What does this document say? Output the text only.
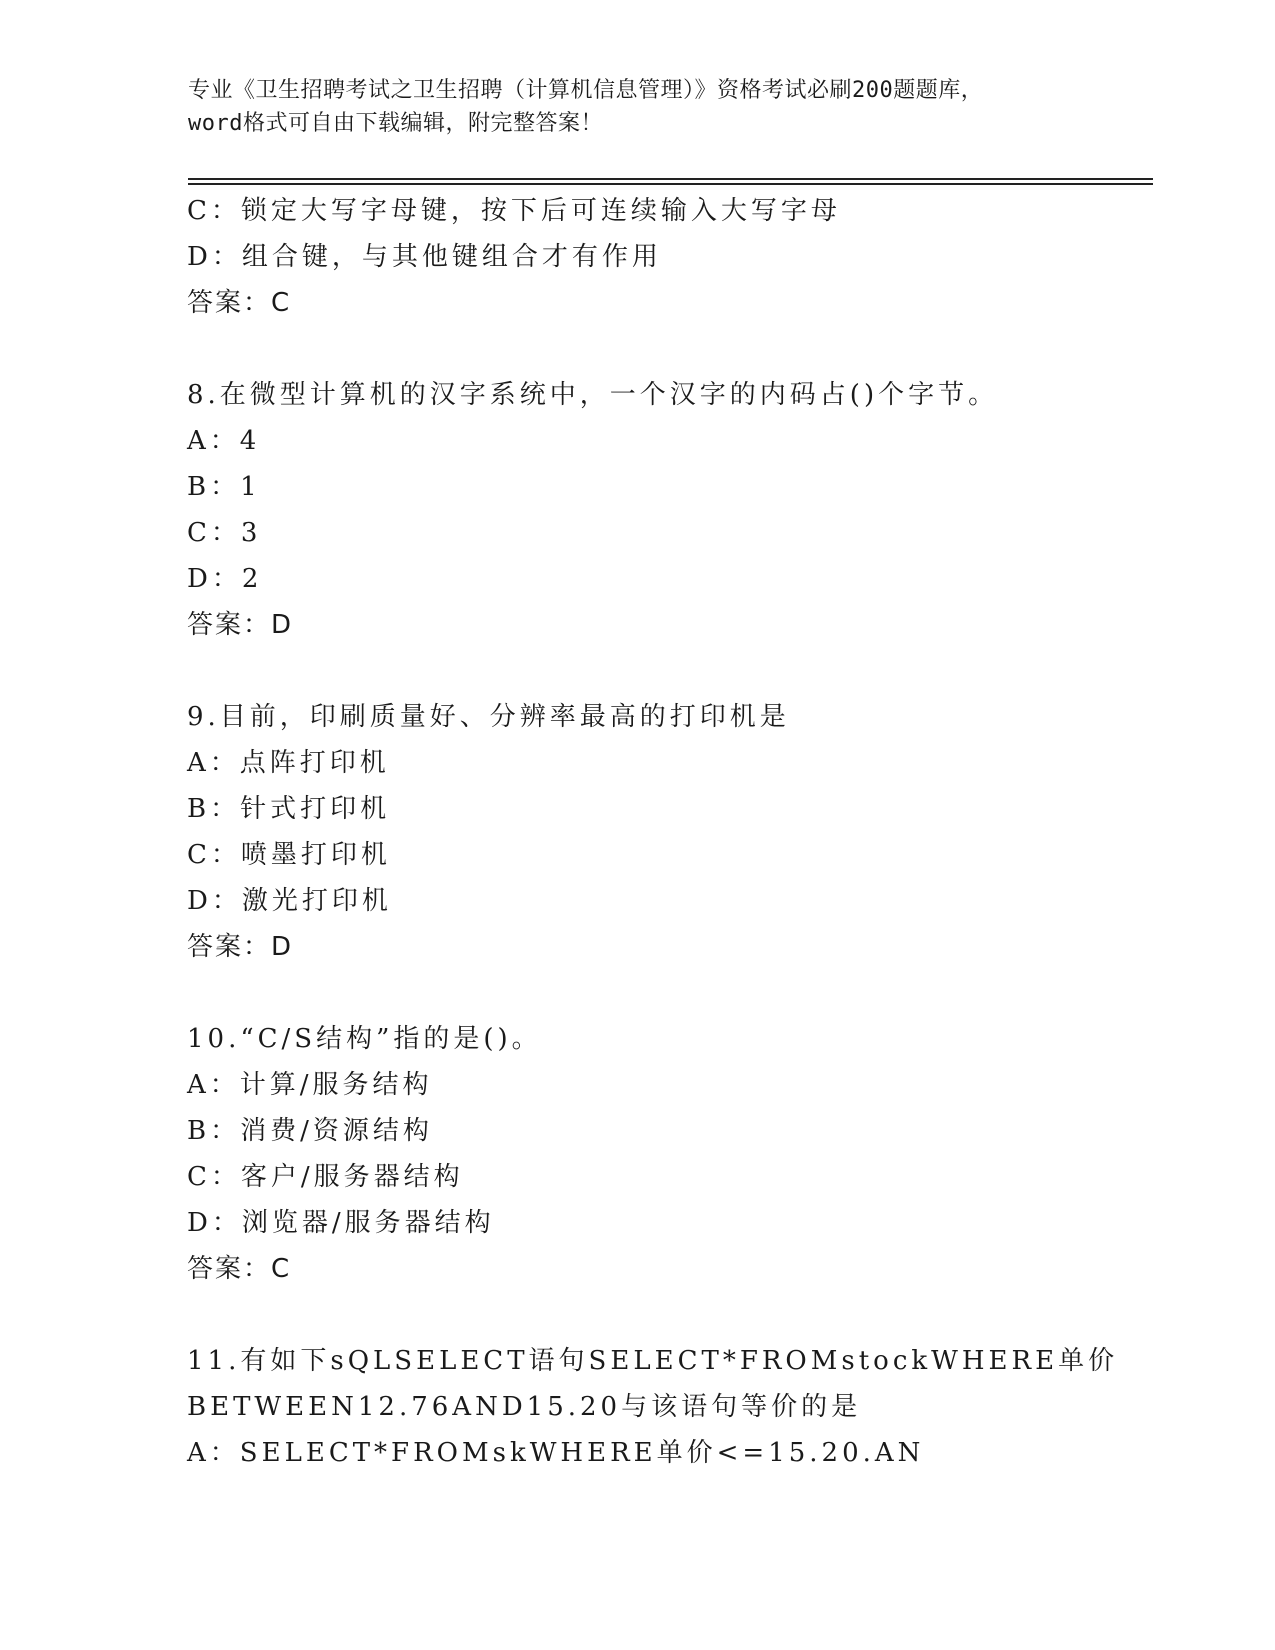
专业《卫生招聘考试之卫生招聘（计算机信息管理）》资格考试必刷200题题库，
word格式可自由下载编辑，附完整答案！
C：锁定大写字母键，按下后可连续输入大写字母
D：组合键，与其他键组合才有作用
答案：C
8.在微型计算机的汉字系统中，一个汉字的内码占()个字节。
A：4
B：1
C：3
D：2
答案：D
9.目前，印刷质量好、分辨率最高的打印机是
A：点阵打印机
B：针式打印机
C：喷墨打印机
D：激光打印机
答案：D
10.“C/S结构”指的是()。
A：计算/服务结构
B：消费/资源结构
C：客户/服务器结构
D：浏览器/服务器结构
答案：C
11.有如下sQLSELECT语句SELECT*FROMstockWHERE单价
BETWEEN12.76AND15.20与该语句等价的是
A：SELECT*FROMskWHERE单价<=15.20.AN
